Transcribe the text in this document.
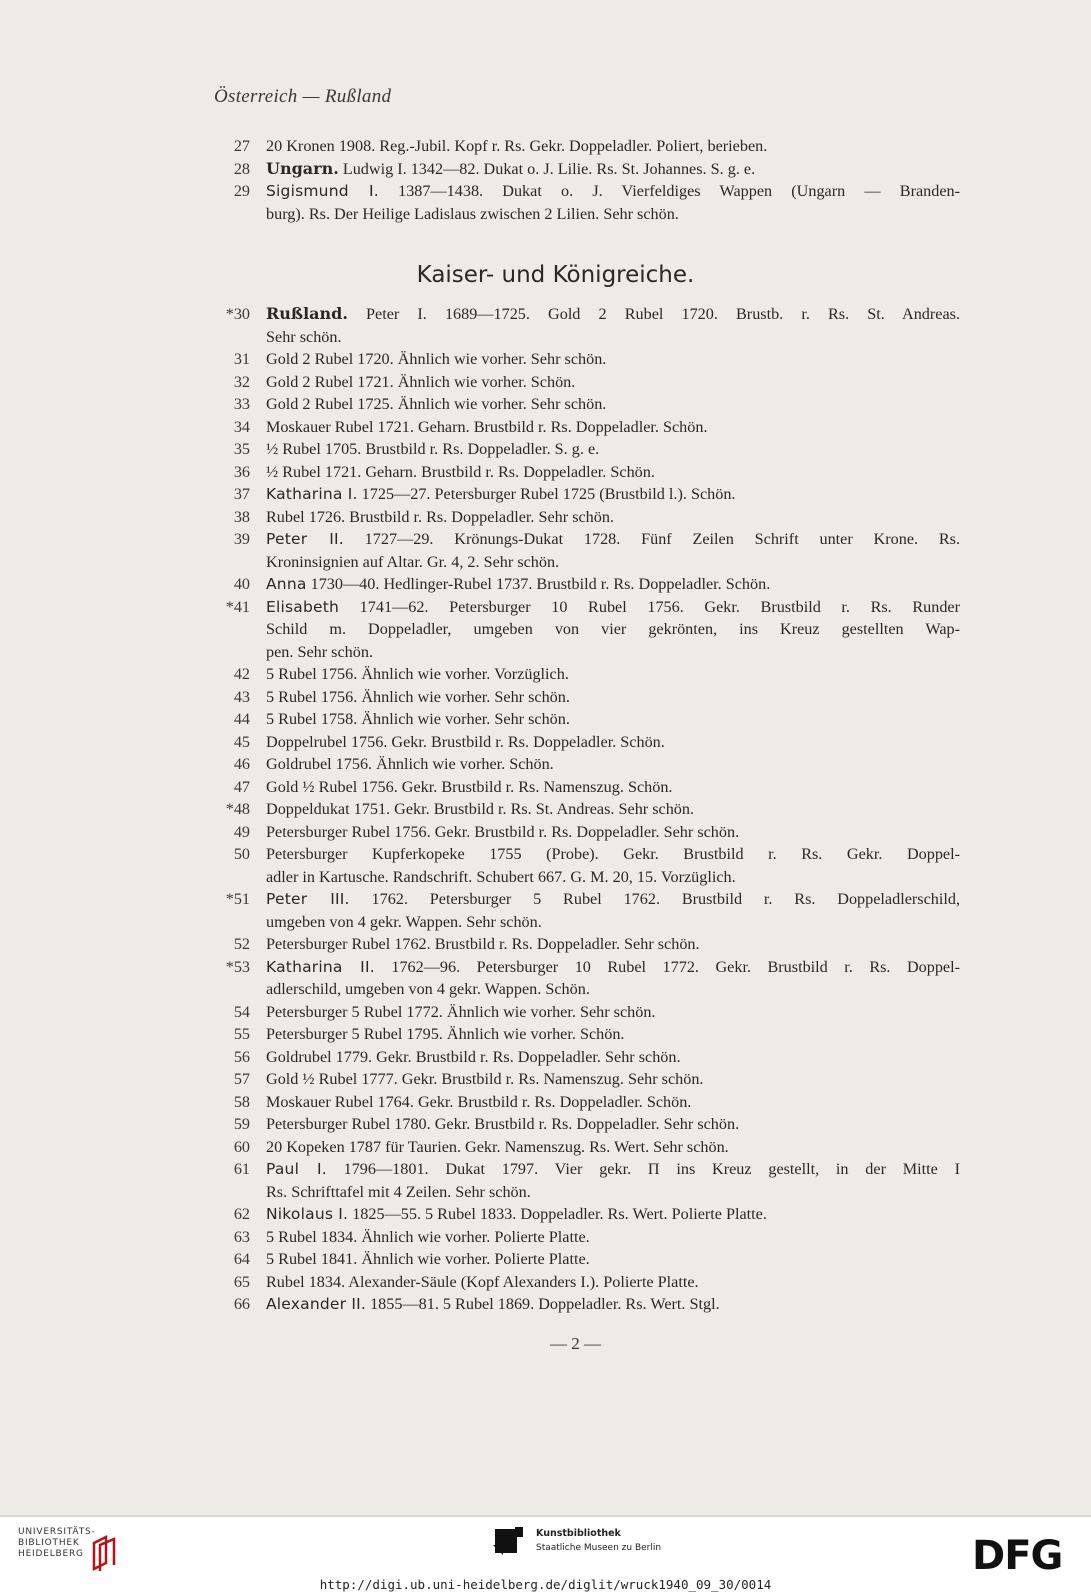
Österreich — Rußland
27 20 Kronen 1908. Reg.-Jubil. Kopf r. Rs. Gekr. Doppeladler. Poliert, berieben.
28 Ungarn. Ludwig I. 1342—82. Dukat o. J. Lilie. Rs. St. Johannes. S. g. e.
29 Sigismund I. 1387—1438. Dukat o. J. Vierfeldiges Wappen (Ungarn — Branden-
burg). Rs. Der Heilige Ladislaus zwischen 2 Lilien. Sehr schön.
Kaiser- und Königreiche.
*30 Rußland. Peter I. 1689—1725. Gold 2 Rubel 1720. Brustb. r. Rs. St. Andreas.
Sehr schön.
31 Gold 2 Rubel 1720. Ähnlich wie vorher. Sehr schön.
32 Gold 2 Rubel 1721. Ähnlich wie vorher. Schön.
33 Gold 2 Rubel 1725. Ähnlich wie vorher. Sehr schön.
34 Moskauer Rubel 1721. Geharn. Brustbild r. Rs. Doppeladler. Schön.
35 ½ Rubel 1705. Brustbild r. Rs. Doppeladler. S. g. e.
36 ½ Rubel 1721. Geharn. Brustbild r. Rs. Doppeladler. Schön.
37 Katharina I. 1725—27. Petersburger Rubel 1725 (Brustbild l.). Schön.
38 Rubel 1726. Brustbild r. Rs. Doppeladler. Sehr schön.
39 Peter II. 1727—29. Krönungs-Dukat 1728. Fünf Zeilen Schrift unter Krone. Rs.
Kroninsignien auf Altar. Gr. 4, 2. Sehr schön.
40 Anna 1730—40. Hedlinger-Rubel 1737. Brustbild r. Rs. Doppeladler. Schön.
*41 Elisabeth 1741—62. Petersburger 10 Rubel 1756. Gekr. Brustbild r. Rs. Runder
Schild m. Doppeladler, umgeben von vier gekrönten, ins Kreuz gestellten Wap-
pen. Sehr schön.
42 5 Rubel 1756. Ähnlich wie vorher. Vorzüglich.
43 5 Rubel 1756. Ähnlich wie vorher. Sehr schön.
44 5 Rubel 1758. Ähnlich wie vorher. Sehr schön.
45 Doppelrubel 1756. Gekr. Brustbild r. Rs. Doppeladler. Schön.
46 Goldrubel 1756. Ähnlich wie vorher. Schön.
47 Gold ½ Rubel 1756. Gekr. Brustbild r. Rs. Namenszug. Schön.
*48 Doppeldukat 1751. Gekr. Brustbild r. Rs. St. Andreas. Sehr schön.
49 Petersburger Rubel 1756. Gekr. Brustbild r. Rs. Doppeladler. Sehr schön.
50 Petersburger Kupferkopeke 1755 (Probe). Gekr. Brustbild r. Rs. Gekr. Doppel-
adler in Kartusche. Randschrift. Schubert 667. G. M. 20, 15. Vorzüglich.
*51 Peter III. 1762. Petersburger 5 Rubel 1762. Brustbild r. Rs. Doppeladlerschild,
umgeben von 4 gekr. Wappen. Sehr schön.
52 Petersburger Rubel 1762. Brustbild r. Rs. Doppeladler. Sehr schön.
*53 Katharina II. 1762—96. Petersburger 10 Rubel 1772. Gekr. Brustbild r. Rs. Doppel-
adlerschild, umgeben von 4 gekr. Wappen. Schön.
54 Petersburger 5 Rubel 1772. Ähnlich wie vorher. Sehr schön.
55 Petersburger 5 Rubel 1795. Ähnlich wie vorher. Schön.
56 Goldrubel 1779. Gekr. Brustbild r. Rs. Doppeladler. Sehr schön.
57 Gold ½ Rubel 1777. Gekr. Brustbild r. Rs. Namenszug. Sehr schön.
58 Moskauer Rubel 1764. Gekr. Brustbild r. Rs. Doppeladler. Schön.
59 Petersburger Rubel 1780. Gekr. Brustbild r. Rs. Doppeladler. Sehr schön.
60 20 Kopeken 1787 für Taurien. Gekr. Namenszug. Rs. Wert. Sehr schön.
61 Paul I. 1796—1801. Dukat 1797. Vier gekr. П ins Kreuz gestellt, in der Mitte I
Rs. Schrifttafel mit 4 Zeilen. Sehr schön.
62 Nikolaus I. 1825—55. 5 Rubel 1833. Doppeladler. Rs. Wert. Polierte Platte.
63 5 Rubel 1834. Ähnlich wie vorher. Polierte Platte.
64 5 Rubel 1841. Ähnlich wie vorher. Polierte Platte.
65 Rubel 1834. Alexander-Säule (Kopf Alexanders I.). Polierte Platte.
66 Alexander II. 1855—81. 5 Rubel 1869. Doppeladler. Rs. Wert. Stgl.
— 2 —
UNIVERSITÄTS-
BIBLIOTHEK
HEIDELBERG
Kunstbibliothek
Staatliche Museen zu Berlin	DFG
http://digi.ub.uni-heidelberg.de/diglit/wruck1940_09_30/0014
